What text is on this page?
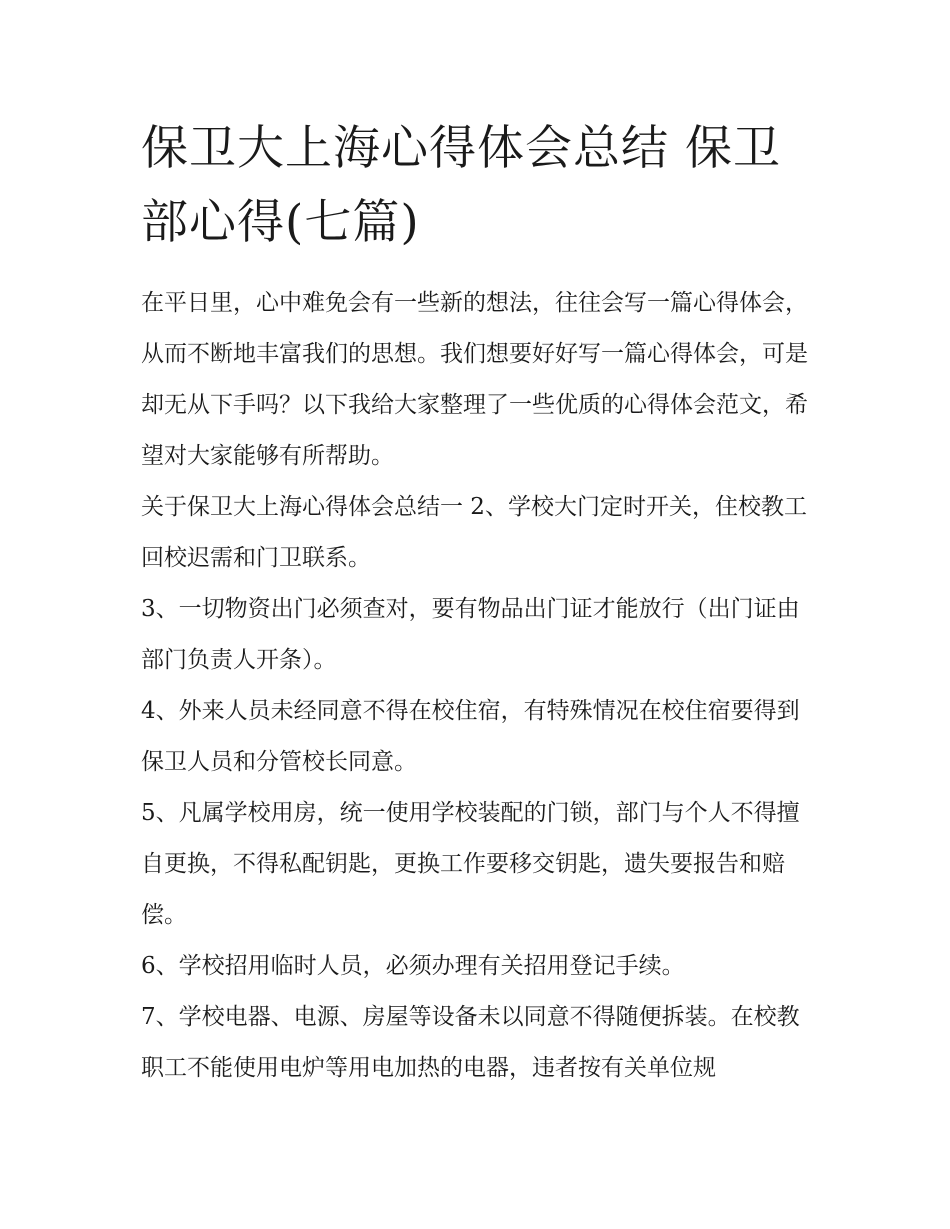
保卫大上海心得体会总结 保卫部心得(七篇)

在平日里，心中难免会有一些新的想法，往往会写一篇心得体会，从而不断地丰富我们的思想。我们想要好好写一篇心得体会，可是却无从下手吗？以下我给大家整理了一些优质的心得体会范文，希望对大家能够有所帮助。

关于保卫大上海心得体会总结一 2、学校大门定时开关，住校教工回校迟需和门卫联系。

3、一切物资出门必须查对，要有物品出门证才能放行（出门证由部门负责人开条）。

4、外来人员未经同意不得在校住宿，有特殊情况在校住宿要得到保卫人员和分管校长同意。

5、凡属学校用房，统一使用学校装配的门锁，部门与个人不得擅自更换，不得私配钥匙，更换工作要移交钥匙，遗失要报告和赔偿。

6、学校招用临时人员，必须办理有关招用登记手续。

7、学校电器、电源、房屋等设备未以同意不得随便拆装。在校教职工不能使用电炉等用电加热的电器，违者按有关单位规
